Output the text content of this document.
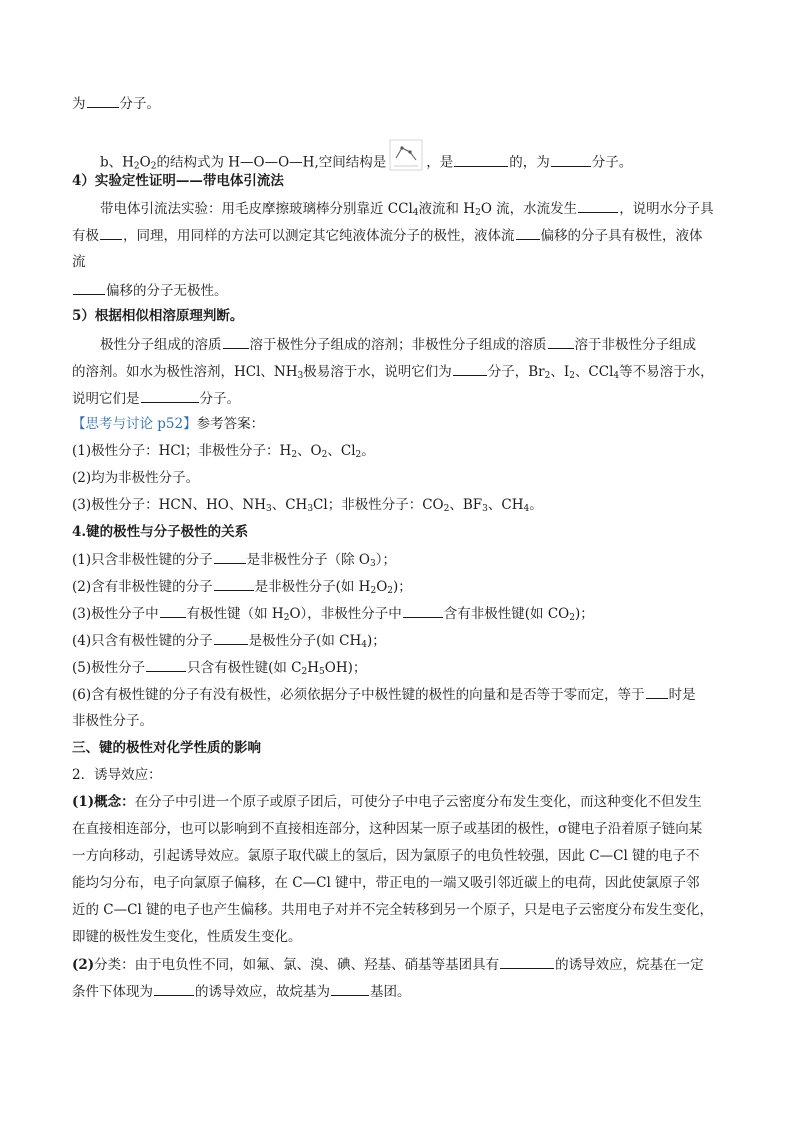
为	分子。
b、$H_2O_2$的结构式为 H—O—O—H,空间结构是	，是	的，为	分子。
4）实验定性证明——带电体引流法
带电体引流法实验：用毛皮摩擦玻璃棒分别靠近 CCl$_4$液流和 $H_2O$ 流，水流发生	，说明水分子具
有极 ，同理，用同样的方法可以测定其它纯液体流分子的极性，液体流 偏移的分子具有极性，液体
流
偏移的分子无极性。
5）根据相似相溶原理判断。
极性分子组成的溶质 溶于极性分子组成的溶剂；非极性分子组成的溶质 溶于非极性分子组成
的溶剂。如水为极性溶剂，HCl、$NH_3$极易溶于水，说明它们为	分子，$Br_2$、$I_2$、CCl$_4$等不易溶于水，
说明它们是	分子。
【思考与讨论 p52】参考答案：
(1)极性分子：HCl；非极性分子：$H_2$、$O_2$、$Cl_2$。
(2)均为非极性分子。
(3)极性分子：HCN、HO、$NH_3$、$CH_3Cl$；非极性分子：$CO_2$、$BF_3$、$CH_4$。
4.键的极性与分子极性的关系
(1)只含非极性键的分子	是非极性分子（除 $O_3$）；
(2)含有非极性键的分子	是非极性分子(如 $H_2O_2$)；
(3)极性分子中 有极性键（如 $H_2O$），非极性分子中	含有非极性键(如 $CO_2$)；
(4)只含有极性键的分子	是极性分子(如 $CH_4$)；
(5)极性分子	只含有极性键(如 $C_2H_5OH$)；
(6)含有极性键的分子有没有极性，必须依据分子中极性键的极性的向量和是否等于零而定，等于 时是
非极性分子。
三、键的极性对化学性质的影响
2．诱导效应：
(1)概念：在分子中引进一个原子或原子团后，可使分子中电子云密度分布发生变化，而这种变化不但发生
在直接相连部分，也可以影响到不直接相连部分，这种因某一原子或基团的极性，σ键电子沿着原子链向某
一方向移动，引起诱导效应。氯原子取代碳上的氢后，因为氯原子的电负性较强，因此 C—Cl 键的电子不
能均匀分布，电子向氯原子偏移，在 C—Cl 键中，带正电的一端又吸引邻近碳上的电荷，因此使氯原子邻
近的 C—Cl 键的电子也产生偏移。共用电子对并不完全转移到另一个原子，只是电子云密度分布发生变化，
即键的极性发生变化，性质发生变化。
(2)分类：由于电负性不同，如氟、氯、溴、碘、羟基、硝基等基团具有	的诱导效应，烷基在一定
条件下体现为	的诱导效应，故烷基为	基团。
